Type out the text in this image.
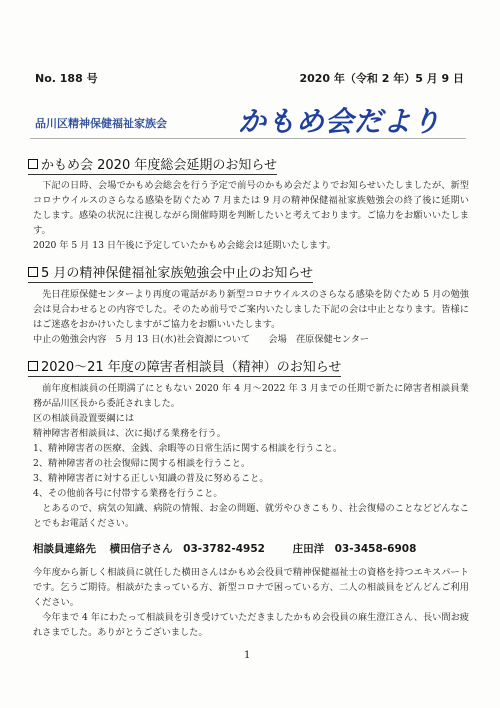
No. 188 号	2020 年（令和 2 年）5 月 9 日
品川区精神保健福祉家族会	かもめ会だより
かもめ会 2020 年度総会延期のお知らせ

下記の日時、会場でかもめ会総会を行う予定で前号のかもめ会だよりでお知らせいたしましたが、新型コロナウイルスのさらなる感染を防ぐため 7 月または 9 月の精神保健福祉家族勉強会の終了後に延期いたします。感染の状況に注視しながら開催時期を判断したいと考えております。ご協力をお願いいたします。

2020 年 5 月 13 日午後に予定していたかもめ会総会は延期いたします。

5 月の精神保健福祉家族勉強会中止のお知らせ

先日荏原保健センターより再度の電話があり新型コロナウイルスのさらなる感染を防ぐため 5 月の勉強会は見合わせるとの内容でした。そのため前号でご案内いたしました下記の会は中止となります。皆様にはご迷惑をおかけいたしますがご協力をお願いいたします。

中止の勉強会内容　5 月 13 日(水)社会資源について　　会場　荏原保健センター

2020～21 年度の障害者相談員（精神）のお知らせ

前年度相談員の任期満了にともない 2020 年 4 月～2022 年 3 月までの任期で新たに障害者相談員業務が品川区長から委託されました。

区の相談員設置要綱には

精神障害者相談員は、次に掲げる業務を行う。

1、精神障害者の医療、金銭、余暇等の日常生活に関する相談を行うこと。

2、精神障害者の社会復帰に関する相談を行うこと。

3、精神障害者に対する正しい知識の普及に努めること。

4、その他前各号に付帯する業務を行うこと。

とあるので、病気の知識、病院の情報、お金の問題、就労やひきこもり、社会復帰のことなどどんなことでもお電話ください。

相談員連絡先 横田信子さん　03-3782-4952	庄田洋　03-3458-6908

今年度から新しく相談員に就任した横田さんはかもめ会役員で精神保健福祉士の資格を持つエキスパートです。乞うご期待。相談がたまっている方、新型コロナで困っている方、二人の相談員をどんどんご利用ください。

今年まで 4 年にわたって相談員を引き受けていただきましたかもめ会役員の麻生澄江さん、長い間お疲れさまでした。ありがとうございました。

1
